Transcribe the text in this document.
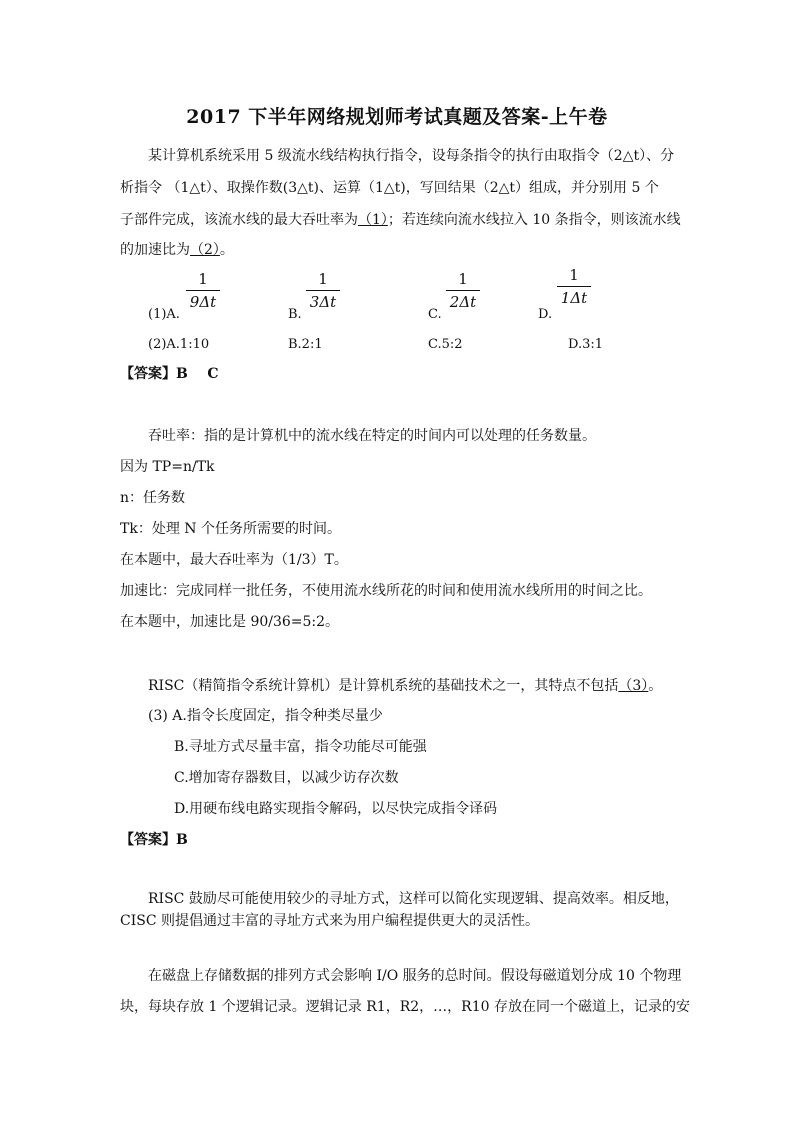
2017 下半年网络规划师考试真题及答案-上午卷
某计算机系统采用 5 级流水线结构执行指令，设每条指令的执行由取指令（2△t）、分
析指令 （1△t）、取操作数(3△t)、运算（1△t)，写回结果（2△t）组成，并分别用 5 个
子部件完成，该流水线的最大吞吐率为（1）；若连续向流水线拉入 10 条指令，则该流水线
的加速比为（2）。
(1)A.
1
9Δt
B.
1
3Δt
C.
1
2Δt
D.
1
1Δt
(2)A.1:10	B.2:1	C.5:2	D.3:1
【答案】B    C
吞吐率：指的是计算机中的流水线在特定的时间内可以处理的任务数量。
因为 TP=n/Tk
n：任务数
Tk：处理 N 个任务所需要的时间。
在本题中，最大吞吐率为（1/3）T。
加速比：完成同样一批任务，不使用流水线所花的时间和使用流水线所用的时间之比。
在本题中，加速比是 90/36=5:2。
RISC（精简指令系统计算机）是计算机系统的基础技术之一，其特点不包括（3）。
(3) A.指令长度固定，指令种类尽量少
B.寻址方式尽量丰富，指令功能尽可能强
C.增加寄存器数目，以减少访存次数
D.用硬布线电路实现指令解码，以尽快完成指令译码
【答案】B
RISC 鼓励尽可能使用较少的寻址方式，这样可以简化实现逻辑、提高效率。相反地，
CISC 则提倡通过丰富的寻址方式来为用户编程提供更大的灵活性。
在磁盘上存储数据的排列方式会影响 I/O 服务的总时间。假设每磁道划分成 10 个物理
块，每块存放 1 个逻辑记录。逻辑记录 R1，R2，…，R10 存放在同一个磁道上，记录的安
